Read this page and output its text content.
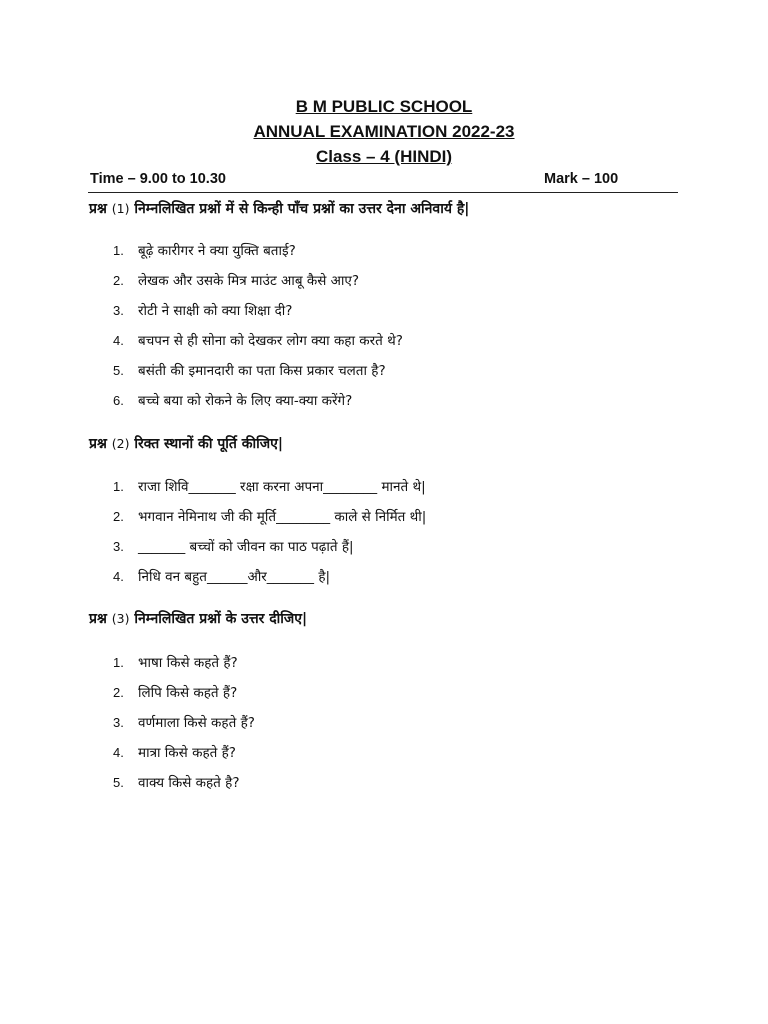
B M PUBLIC SCHOOL
ANNUAL EXAMINATION 2022-23
Class – 4 (HINDI)
Time – 9.00 to 10.30	Mark – 100
प्रश्न (1) निम्नलिखित प्रश्नों में से किन्ही पाँच प्रश्नों का उत्तर देना अनिवार्य है|
1.	बूढ़े कारीगर ने क्या युक्ति बताई?
2.	लेखक और उसके मित्र माउंट आबू कैसे आए?
3.	रोटी ने साक्षी को क्या शिक्षा दी?
4.	बचपन से ही सोना को देखकर लोग क्या कहा करते थे?
5.	बसंती की इमानदारी का पता किस प्रकार चलता है?
6.	बच्चे बया को रोकने के लिए क्या-क्या करेंगे?
प्रश्न (2) रिक्त स्थानों की पूर्ति कीजिए|
1.	राजा शिवि_______ रक्षा करना अपना________ मानते थे|
2.	भगवान नेमिनाथ जी की मूर्ति________ काले से निर्मित थी|
3.	_______ बच्चों को जीवन का पाठ पढ़ाते हैं|
4.	निधि वन बहुत______और_______ है|
प्रश्न (3) निम्नलिखित प्रश्नों के उत्तर दीजिए|
1.	भाषा किसे कहते हैं?
2.	लिपि किसे कहते हैं?
3.	वर्णमाला किसे कहते हैं?
4.	मात्रा किसे कहते हैं?
5.	वाक्य किसे कहते है?
